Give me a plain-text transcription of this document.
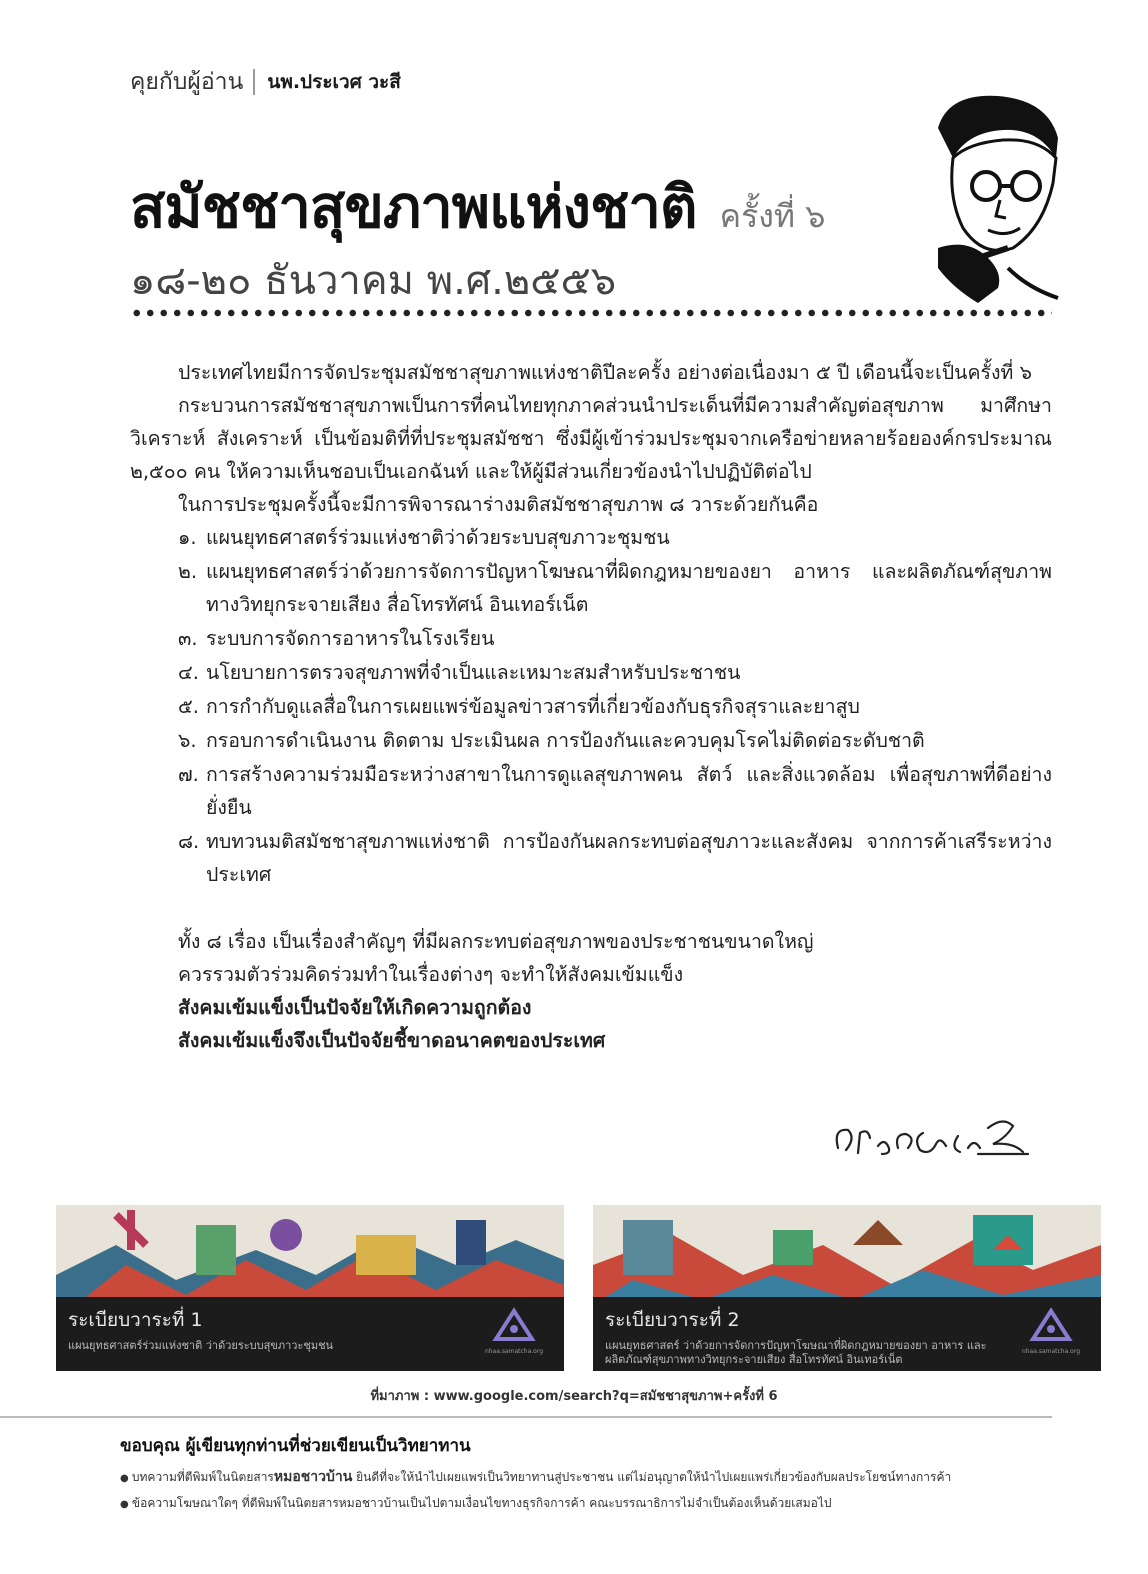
คุยกับผู้อ่าน นพ.ประเวศ วะสี
สมัชชาสุขภาพแห่งชาติ ครั้งที่ ๖
๑๘-๒๐ ธันวาคม พ.ศ.๒๕๕๖

ประเทศไทยมีการจัดประชุมสมัชชาสุขภาพแห่งชาติปีละครั้ง อย่างต่อเนื่องมา ๕ ปี เดือนนี้จะเป็นครั้งที่ ๖

กระบวนการสมัชชาสุขภาพเป็นการที่คนไทยทุกภาคส่วนนำประเด็นที่มีความสำคัญต่อสุขภาพ มาศึกษา วิเคราะห์ สังเคราะห์ เป็นข้อมติที่ที่ประชุมสมัชชา ซึ่งมีผู้เข้าร่วมประชุมจากเครือข่ายหลายร้อยองค์กรประมาณ ๒,๕๐๐ คน ให้ความเห็นชอบเป็นเอกฉันท์ และให้ผู้มีส่วนเกี่ยวข้องนำไปปฏิบัติต่อไป

ในการประชุมครั้งนี้จะมีการพิจารณาร่างมติสมัชชาสุขภาพ ๘ วาระด้วยกันคือ

๑. แผนยุทธศาสตร์ร่วมแห่งชาติว่าด้วยระบบสุขภาวะชุมชน
๒. แผนยุทธศาสตร์ว่าด้วยการจัดการปัญหาโฆษณาที่ผิดกฎหมายของยา อาหาร และผลิตภัณฑ์สุขภาพทางวิทยุกระจายเสียง สื่อโทรทัศน์ อินเทอร์เน็ต
๓. ระบบการจัดการอาหารในโรงเรียน
๔. นโยบายการตรวจสุขภาพที่จำเป็นและเหมาะสมสำหรับประชาชน
๕. การกำกับดูแลสื่อในการเผยแพร่ข้อมูลข่าวสารที่เกี่ยวข้องกับธุรกิจสุราและยาสูบ
๖. กรอบการดำเนินงาน ติดตาม ประเมินผล การป้องกันและควบคุมโรคไม่ติดต่อระดับชาติ
๗. การสร้างความร่วมมือระหว่างสาขาในการดูแลสุขภาพคน สัตว์ และสิ่งแวดล้อม เพื่อสุขภาพที่ดีอย่างยั่งยืน
๘. ทบทวนมติสมัชชาสุขภาพแห่งชาติ การป้องกันผลกระทบต่อสุขภาวะและสังคม จากการค้าเสรีระหว่างประเทศ

ทั้ง ๘ เรื่อง เป็นเรื่องสำคัญๆ ที่มีผลกระทบต่อสุขภาพของประชาชนขนาดใหญ่

ควรรวมตัวร่วมคิดร่วมทำในเรื่องต่างๆ จะทำให้สังคมเข้มแข็ง

สังคมเข้มแข็งเป็นปัจจัยให้เกิดความถูกต้อง

สังคมเข้มแข็งจึงเป็นปัจจัยชี้ขาดอนาคตของประเทศ

ระเบียบวาระที่ 1
แผนยุทธศาสตร์ร่วมแห่งชาติ ว่าด้วยระบบสุขภาวะชุมชน	nhaa.samatcha.org
ระเบียบวาระที่ 2
แผนยุทธศาสตร์ ว่าด้วยการจัดการปัญหาโฆษณาที่ผิดกฎหมายของยา อาหาร และผลิตภัณฑ์สุขภาพทางวิทยุกระจายเสียง สื่อโทรทัศน์ อินเทอร์เน็ต
nhaa.samatcha.org
ที่มาภาพ : www.google.com/search?q=สมัชชาสุขภาพ+ครั้งที่ 6
ขอบคุณ ผู้เขียนทุกท่านที่ช่วยเขียนเป็นวิทยาทาน
● บทความที่ตีพิมพ์ในนิตยสารหมอชาวบ้าน ยินดีที่จะให้นำไปเผยแพร่เป็นวิทยาทานสู่ประชาชน แต่ไม่อนุญาตให้นำไปเผยแพร่เกี่ยวข้องกับผลประโยชน์ทางการค้า
● ข้อความโฆษณาใดๆ ที่ตีพิมพ์ในนิตยสารหมอชาวบ้านเป็นไปตามเงื่อนไขทางธุรกิจการค้า คณะบรรณาธิการไม่จำเป็นต้องเห็นด้วยเสมอไป
